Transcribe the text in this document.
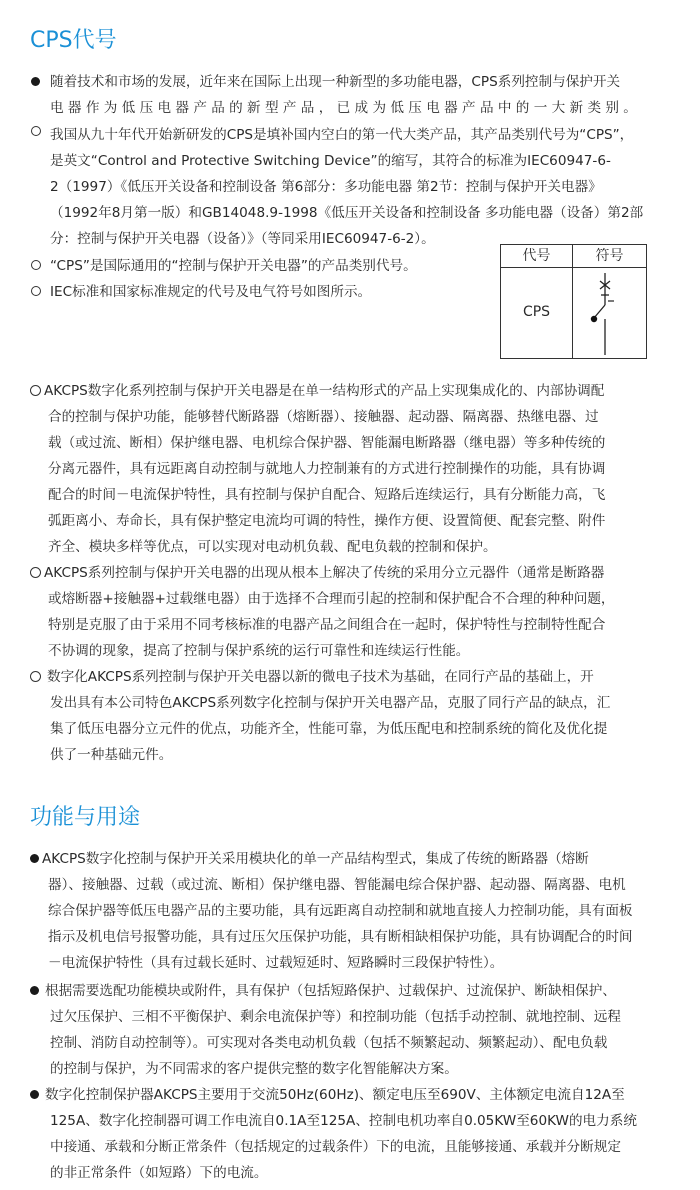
CPS代号
随着技术和市场的发展，近年来在国际上出现一种新型的多功能电器，CPS系列控制与保护开关
电 器 作 为 低 压 电 器 产 品 的 新 型 产 品 ， 已 成 为 低 压 电 器 产 品 中 的 一 大 新 类 别 。
我国从九十年代开始新研发的CPS是填补国内空白的第一代大类产品，其产品类别代号为“CPS”，
是英文“Control and Protective Switching Device”的缩写，其符合的标准为IEC60947-6-
2（1997）《低压开关设备和控制设备 第6部分：多功能电器 第2节：控制与保护开关电器》
（1992年8月第一版）和GB14048.9-1998《低压开关设备和控制设备 多功能电器（设备）第2部
分：控制与保护开关电器（设备）》（等同采用IEC60947-6-2）。
“CPS”是国际通用的“控制与保护开关电器”的产品类别代号。
IEC标准和国家标准规定的代号及电气符号如图所示。
代号	符号
CPS
AKCPS数字化系列控制与保护开关电器是在单一结构形式的产品上实现集成化的、内部协调配
合的控制与保护功能，能够替代断路器（熔断器）、接触器、起动器、隔离器、热继电器、过
载（或过流、断相）保护继电器、电机综合保护器、智能漏电断路器（继电器）等多种传统的
分离元器件，具有远距离自动控制与就地人力控制兼有的方式进行控制操作的功能，具有协调
配合的时间－电流保护特性，具有控制与保护自配合、短路后连续运行，具有分断能力高，飞
弧距离小、寿命长，具有保护整定电流均可调的特性，操作方便、设置简便、配套完整、附件
齐全、模块多样等优点，可以实现对电动机负载、配电负载的控制和保护。
AKCPS系列控制与保护开关电器的出现从根本上解决了传统的采用分立元器件（通常是断路器
或熔断器+接触器+过载继电器）由于选择不合理而引起的控制和保护配合不合理的种种问题，
特别是克服了由于采用不同考核标准的电器产品之间组合在一起时，保护特性与控制特性配合
不协调的现象，提高了控制与保护系统的运行可靠性和连续运行性能。
数字化AKCPS系列控制与保护开关电器以新的微电子技术为基础，在同行产品的基础上，开
发出具有本公司特色AKCPS系列数字化控制与保护开关电器产品，克服了同行产品的缺点，汇
集了低压电器分立元件的优点，功能齐全，性能可靠，为低压配电和控制系统的简化及优化提
供了一种基础元件。
功能与用途
AKCPS数字化控制与保护开关采用模块化的单一产品结构型式，集成了传统的断路器（熔断
器）、接触器、过载（或过流、断相）保护继电器、智能漏电综合保护器、起动器、隔离器、电机
综合保护器等低压电器产品的主要功能，具有远距离自动控制和就地直接人力控制功能，具有面板
指示及机电信号报警功能，具有过压欠压保护功能，具有断相缺相保护功能，具有协调配合的时间
－电流保护特性（具有过载长延时、过载短延时、短路瞬时三段保护特性）。
根据需要选配功能模块或附件，具有保护（包括短路保护、过载保护、过流保护、断缺相保护、
过欠压保护、三相不平衡保护、剩余电流保护等）和控制功能（包括手动控制、就地控制、远程
控制、消防自动控制等）。可实现对各类电动机负载（包括不频繁起动、频繁起动）、配电负载
的控制与保护，为不同需求的客户提供完整的数字化智能解决方案。
数字化控制保护器AKCPS主要用于交流50Hz(60Hz)、额定电压至690V、主体额定电流自12A至
125A、数字化控制器可调工作电流自0.1A至125A、控制电机功率自0.05KW至60KW的电力系统
中接通、承载和分断正常条件（包括规定的过载条件）下的电流，且能够接通、承载并分断规定
的非正常条件（如短路）下的电流。
